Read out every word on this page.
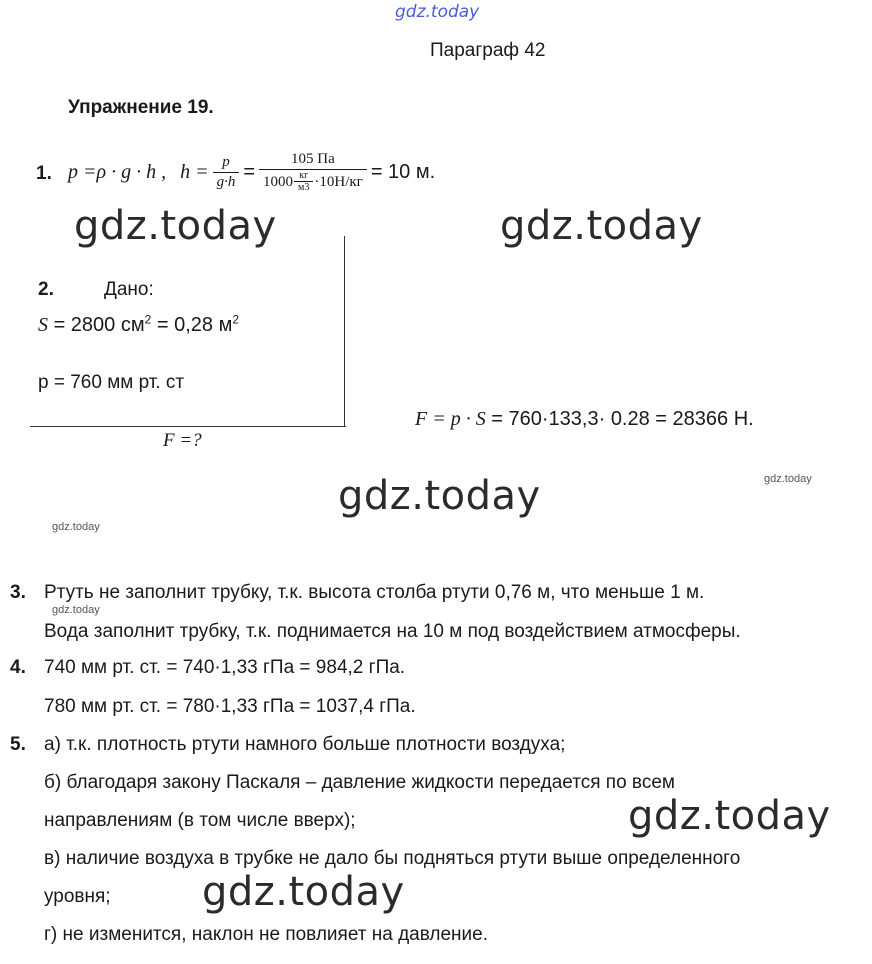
gdz.today
gdz.today	gdz.today
gdz.today
gdz.today
gdz.today
gdz.today
gdz.today
gdz.today
Параграф 42
Упражнение 19.
1. p =ρ · g · h , $h = \frac{p}{g\cdot h} = \frac{105 Па}{1000 \frac{кг}{м3} \cdot 10Н/кг} = 10$ м.
2.	Дано:
S = 2800 $см^2 = 0,28$ $м^2$
p = 760 мм рт. ст
F =?
F = p · S = 760·133,3· 0.28 = 28366 Н.
3. Ртуть не заполнит трубку, т.к. высота столба ртути 0,76 м, что меньше 1 м.
Вода заполнит трубку, т.к. поднимается на 10 м под воздействием атмосферы.
4. 740 мм рт. ст. = 740·1,33 гПа = 984,2 гПа.
780 мм рт. ст. = 780·1,33 гПа = 1037,4 гПа.
5. а) т.к. плотность ртути намного больше плотности воздуха;
б) благодаря закону Паскаля – давление жидкости передается по всем
направлениям (в том числе вверх);
в) наличие воздуха в трубке не дало бы подняться ртути выше определенного
уровня;
г) не изменится, наклон не повлияет на давление.
